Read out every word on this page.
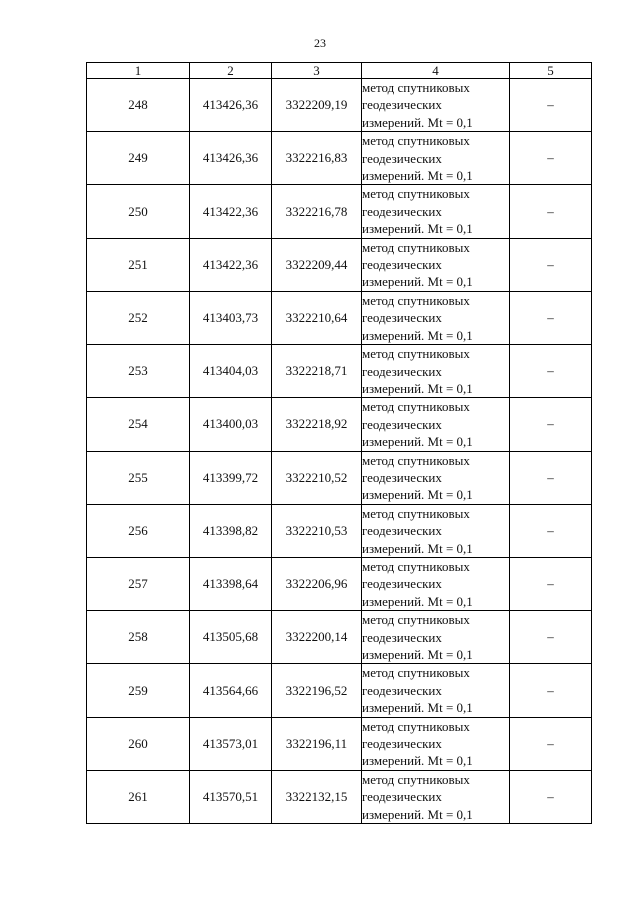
23
1	2	3	4	5
248	413426,36	3322209,19	метод спутниковых
геодезических
измерений. Mt = 0,1	–
249	413426,36	3322216,83	метод спутниковых
геодезических
измерений. Mt = 0,1	–
250	413422,36	3322216,78	метод спутниковых
геодезических
измерений. Mt = 0,1	–
251	413422,36	3322209,44	метод спутниковых
геодезических
измерений. Mt = 0,1	–
252	413403,73	3322210,64	метод спутниковых
геодезических
измерений. Mt = 0,1	–
253	413404,03	3322218,71	метод спутниковых
геодезических
измерений. Mt = 0,1	–
254	413400,03	3322218,92	метод спутниковых
геодезических
измерений. Mt = 0,1	–
255	413399,72	3322210,52	метод спутниковых
геодезических
измерений. Mt = 0,1	–
256	413398,82	3322210,53	метод спутниковых
геодезических
измерений. Mt = 0,1	–
257	413398,64	3322206,96	метод спутниковых
геодезических
измерений. Mt = 0,1	–
258	413505,68	3322200,14	метод спутниковых
геодезических
измерений. Mt = 0,1	–
259	413564,66	3322196,52	метод спутниковых
геодезических
измерений. Mt = 0,1	–
260	413573,01	3322196,11	метод спутниковых
геодезических
измерений. Mt = 0,1	–
261	413570,51	3322132,15	метод спутниковых
геодезических
измерений. Mt = 0,1	–
